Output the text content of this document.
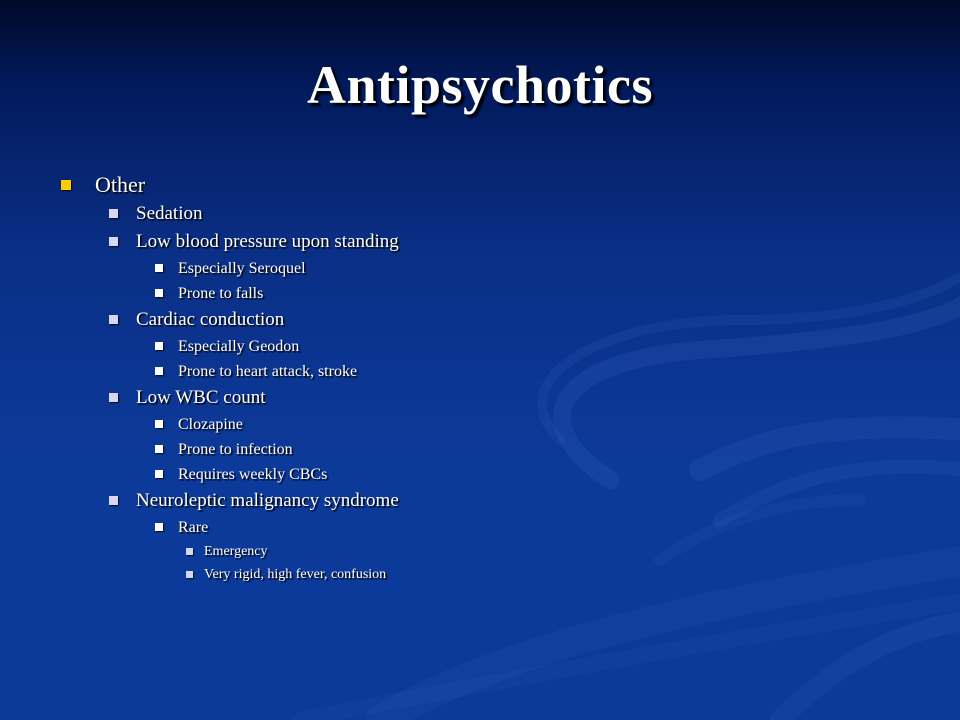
Antipsychotics
Other
Sedation
Low blood pressure upon standing
Especially Seroquel
Prone to falls
Cardiac conduction
Especially Geodon
Prone to heart attack, stroke
Low WBC count
Clozapine
Prone to infection
Requires weekly CBCs
Neuroleptic malignancy syndrome
Rare
Emergency
Very rigid, high fever, confusion
